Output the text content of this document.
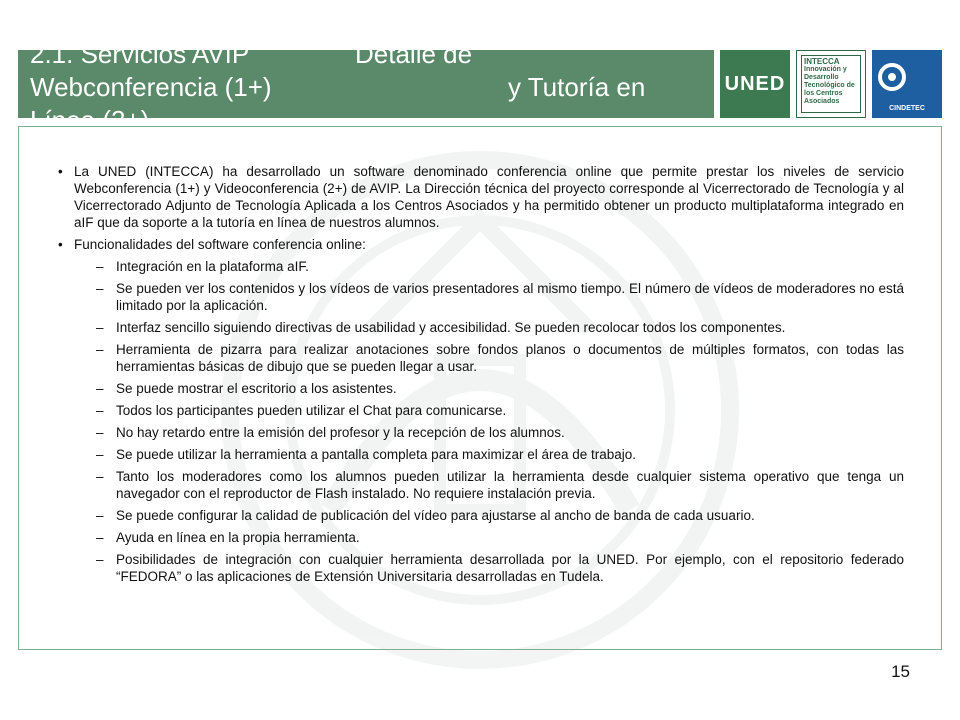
2.1. Servicios AVIP	Detalle de
Webconferencia (1+)	y Tutoría en
Línea (2+)
UNED
INTECCA
Innovación y
Desarrollo
Tecnológico de
los Centros
Asociados
CINDETEC
• La UNED (INTECCA) ha desarrollado un software denominado conferencia online que permite prestar los niveles de servicio Webconferencia (1+) y Videoconferencia (2+) de AVIP. La Dirección técnica del proyecto corresponde al Vicerrectorado de Tecnología y al Vicerrectorado Adjunto de Tecnología Aplicada a los Centros Asociados y ha permitido obtener un producto multiplataforma integrado en aIF que da soporte a la tutoría en línea de nuestros alumnos.
• Funcionalidades del software conferencia online:
– Integración en la plataforma aIF.
– Se pueden ver los contenidos y los vídeos de varios presentadores al mismo tiempo. El número de vídeos de moderadores no está limitado por la aplicación.
– Interfaz sencillo siguiendo directivas de usabilidad y accesibilidad. Se pueden recolocar todos los componentes.
– Herramienta de pizarra para realizar anotaciones sobre fondos planos o documentos de múltiples formatos, con todas las herramientas básicas de dibujo que se pueden llegar a usar.
– Se puede mostrar el escritorio a los asistentes.
– Todos los participantes pueden utilizar el Chat para comunicarse.
– No hay retardo entre la emisión del profesor y la recepción de los alumnos.
– Se puede utilizar la herramienta a pantalla completa para maximizar el área de trabajo.
– Tanto los moderadores como los alumnos pueden utilizar la herramienta desde cualquier sistema operativo que tenga un navegador con el reproductor de Flash instalado. No requiere instalación previa.
– Se puede configurar la calidad de publicación del vídeo para ajustarse al ancho de banda de cada usuario.
– Ayuda en línea en la propia herramienta.
– Posibilidades de integración con cualquier herramienta desarrollada por la UNED. Por ejemplo, con el repositorio federado “FEDORA” o las aplicaciones de Extensión Universitaria desarrolladas en Tudela.
15
